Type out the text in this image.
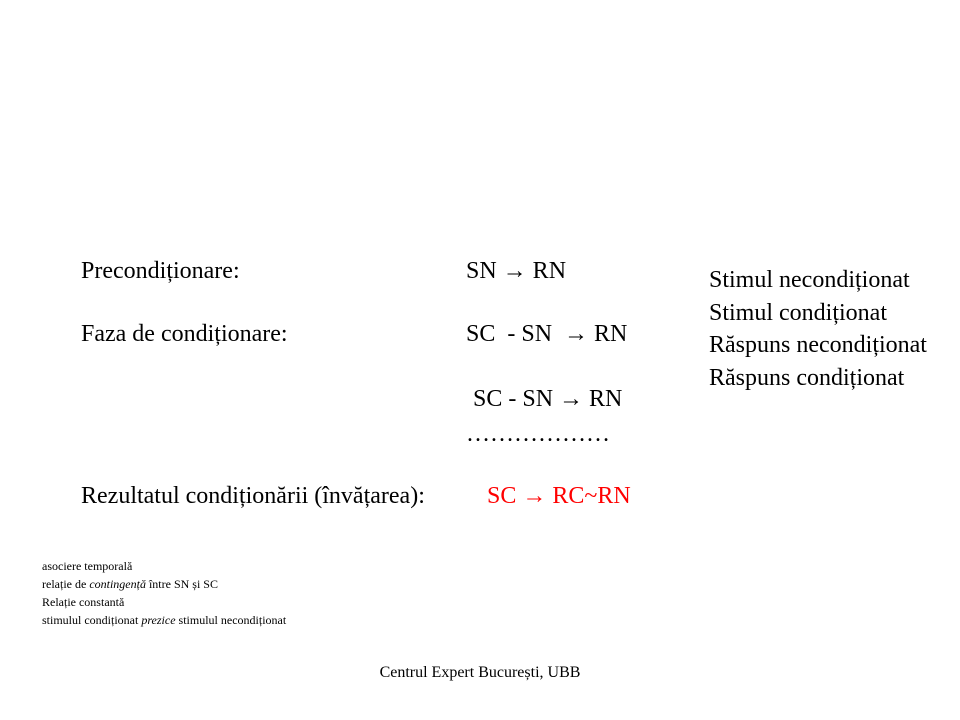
Precondiționare:	SN → RN
Faza de condiționare:	SC  - SN  → RN
SC - SN → RN
………………
Rezultatul condiționării (învățarea):	SC → RC~RN
Stimul necondiționat
Stimul condiționat
Răspuns necondiționat
Răspuns condiționat
asociere temporală
relație de contingență între SN și SC
Relație constantă
stimulul condiționat prezice stimulul necondiționat
Centrul Expert București, UBB
